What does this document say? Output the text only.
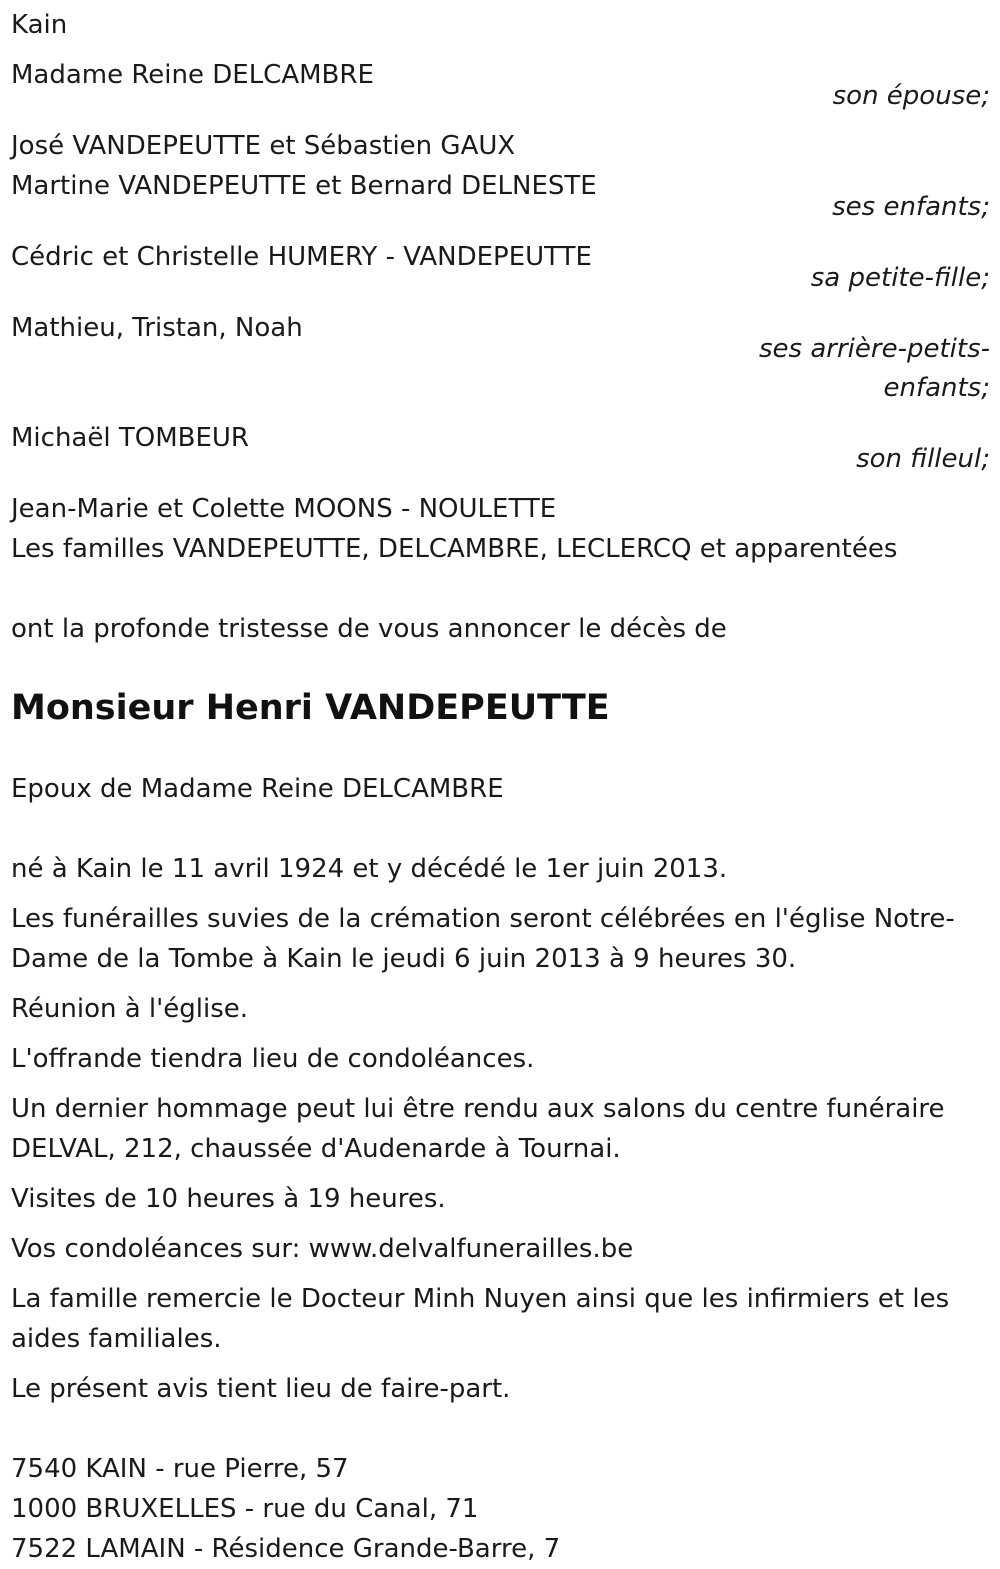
Kain
Madame Reine DELCAMBRE
son épouse;
José VANDEPEUTTE et Sébastien GAUX
Martine VANDEPEUTTE et Bernard DELNESTE
ses enfants;
Cédric et Christelle HUMERY - VANDEPEUTTE
sa petite-fille;
Mathieu, Tristan, Noah
ses arrière-petits-enfants;
Michaël TOMBEUR
son filleul;
Jean-Marie et Colette MOONS - NOULETTE
Les familles VANDEPEUTTE, DELCAMBRE, LECLERCQ et apparentées
ont la profonde tristesse de vous annoncer le décès de
Monsieur Henri VANDEPEUTTE
Epoux de Madame Reine DELCAMBRE
né à Kain le 11 avril 1924 et y décédé le 1er juin 2013.
Les funérailles suvies de la crémation seront célébrées en l'église Notre-Dame de la Tombe à Kain le jeudi 6 juin 2013 à 9 heures 30.
Réunion à l'église.
L'offrande tiendra lieu de condoléances.
Un dernier hommage peut lui être rendu aux salons du centre funéraire DELVAL, 212, chaussée d'Audenarde à Tournai.
Visites de 10 heures à 19 heures.
Vos condoléances sur: www.delvalfunerailles.be
La famille remercie le Docteur Minh Nuyen ainsi que les infirmiers et les aides familiales.
Le présent avis tient lieu de faire-part.
7540 KAIN - rue Pierre, 57
1000 BRUXELLES - rue du Canal, 71
7522 LAMAIN - Résidence Grande-Barre, 7
